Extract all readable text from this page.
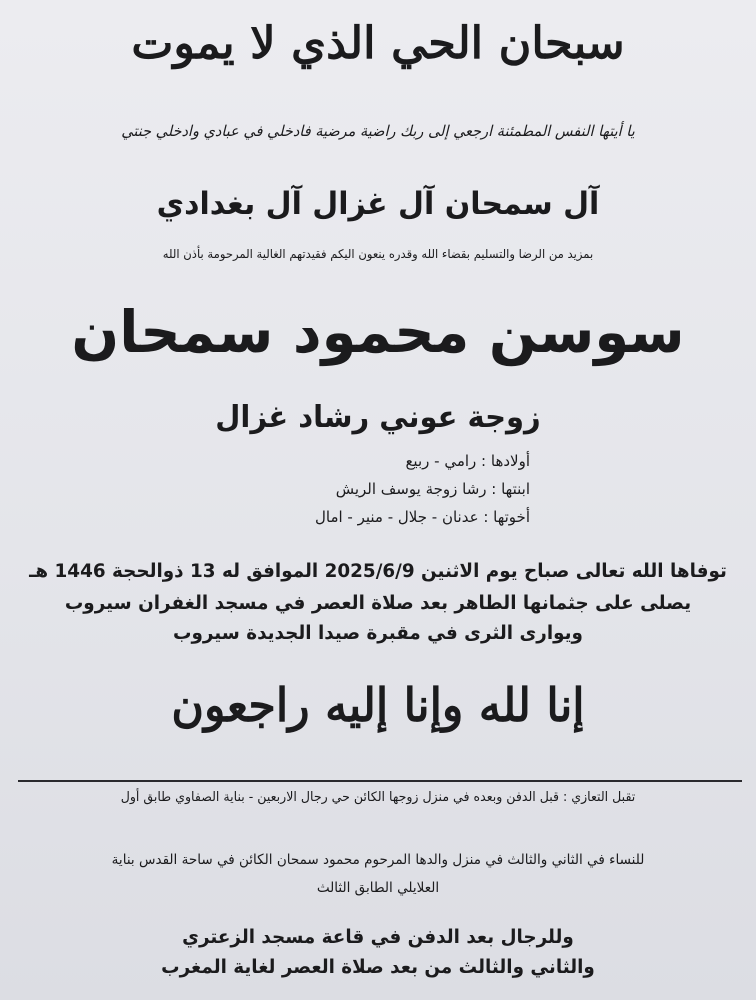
سبحان الحي الذي لا يموت
يا أيتها النفس المطمئنة ارجعي إلى ربك راضية مرضية فادخلي في عبادي وادخلي جنتي
آل سمحان آل غزال آل بغدادي
بمزيد من الرضا والتسليم بقضاء الله وقدره ينعون اليكم فقيدتهم الغالية المرحومة بأذن الله
سوسن محمود سمحان
زوجة عوني رشاد غزال
أولادها : رامي - ربيع
ابنتها : رشا زوجة يوسف الريش
أخوتها : عدنان - جلال - منير - امال
توفاها الله تعالى صباح يوم الاثنين 2025/6/9 الموافق له 13 ذوالحجة 1446 هـ
يصلى على جثمانها الطاهر بعد صلاة العصر في مسجد الغفران سيروب
ويوارى الثرى في مقبرة صيدا الجديدة سيروب
إنا لله وإنا إليه راجعون
تقبل التعازي : قبل الدفن وبعده في منزل زوجها الكائن حي رجال الاربعين - بناية الصفاوي طابق أول
للنساء في الثاني والثالث في منزل والدها المرحوم محمود سمحان الكائن في ساحة القدس بناية
العلايلي الطابق الثالث
وللرجال بعد الدفن في قاعة مسجد الزعتري
والثاني والثالث من بعد صلاة العصر لغاية المغرب
